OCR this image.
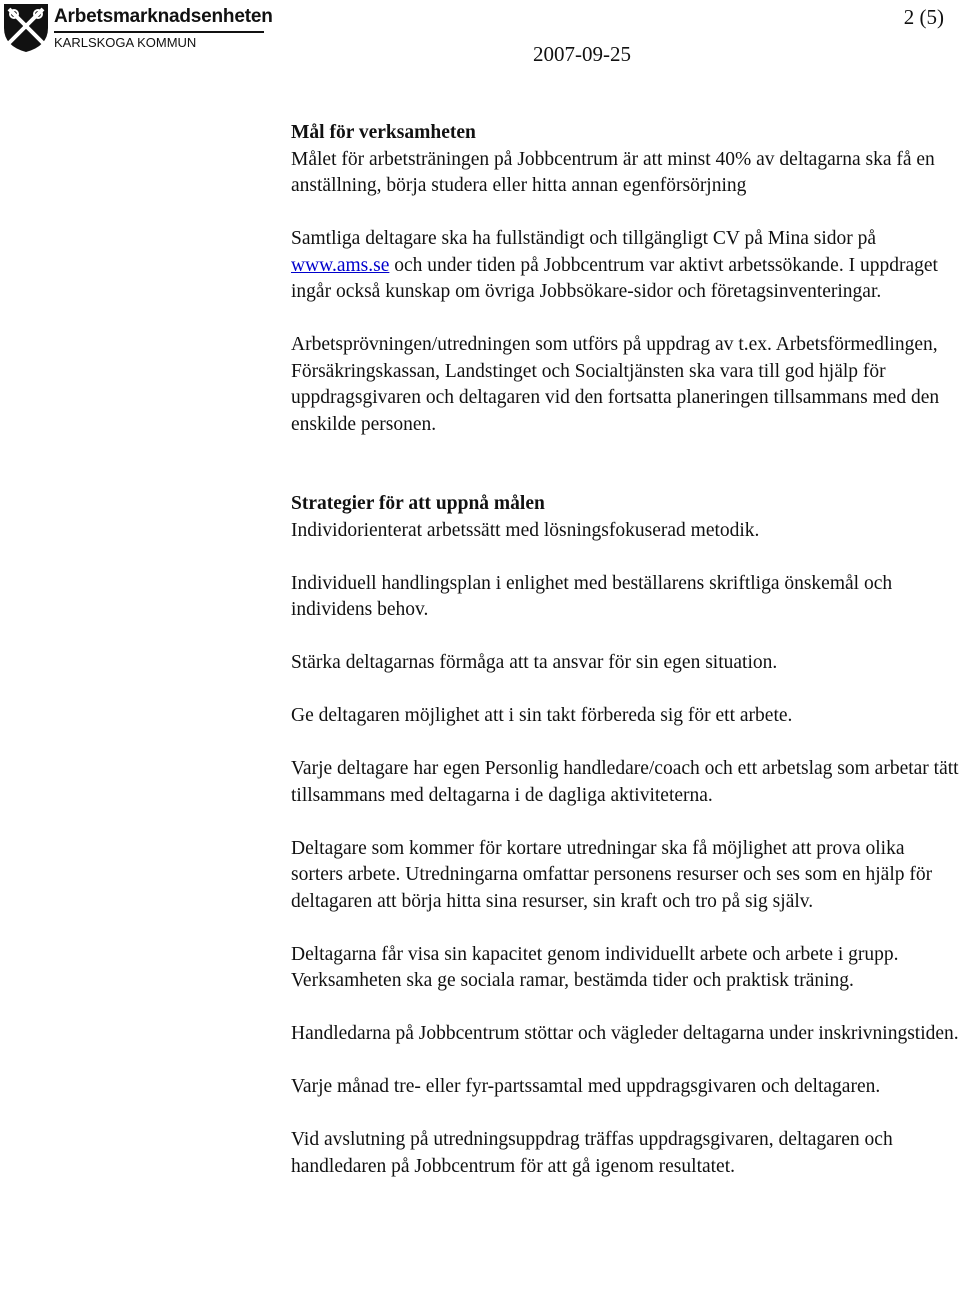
Arbetsmarknadsenheten
KARLSKOGA KOMMUN
2 (5)
2007-09-25

Mål för verksamheten
Målet för arbetsträningen på Jobbcentrum är att minst 40% av deltagarna ska få en anställning, börja studera eller hitta annan egenförsörjning

Samtliga deltagare ska ha fullständigt och tillgängligt CV på Mina sidor på www.ams.se och under tiden på Jobbcentrum var aktivt arbetssökande. I uppdraget ingår också kunskap om övriga Jobbsökare-sidor och företagsinventeringar.

Arbetsprövningen/utredningen som utförs på uppdrag av t.ex. Arbetsförmedlingen, Försäkringskassan, Landstinget och Socialtjänsten ska vara till god hjälp för uppdragsgivaren och deltagaren vid den fortsatta planeringen tillsammans med den enskilde personen.

Strategier för att uppnå målen
Individorienterat arbetssätt med lösningsfokuserad metodik.

Individuell handlingsplan i enlighet med beställarens skriftliga önskemål och individens behov.

Stärka deltagarnas förmåga att ta ansvar för sin egen situation.

Ge deltagaren möjlighet att i sin takt förbereda sig för ett arbete.

Varje deltagare har egen Personlig handledare/coach och ett arbetslag som arbetar tätt tillsammans med deltagarna i de dagliga aktiviteterna.

Deltagare som kommer för kortare utredningar ska få möjlighet att prova olika sorters arbete. Utredningarna omfattar personens resurser och ses som en hjälp för deltagaren att börja hitta sina resurser, sin kraft och tro på sig själv.

Deltagarna får visa sin kapacitet genom individuellt arbete och arbete i grupp. Verksamheten ska ge sociala ramar, bestämda tider och praktisk träning.

Handledarna på Jobbcentrum stöttar och vägleder deltagarna under inskrivningstiden.

Varje månad tre- eller fyr-partssamtal med uppdragsgivaren och deltagaren.

Vid avslutning på utredningsuppdrag träffas uppdragsgivaren, deltagaren och handledaren på Jobbcentrum för att gå igenom resultatet.
